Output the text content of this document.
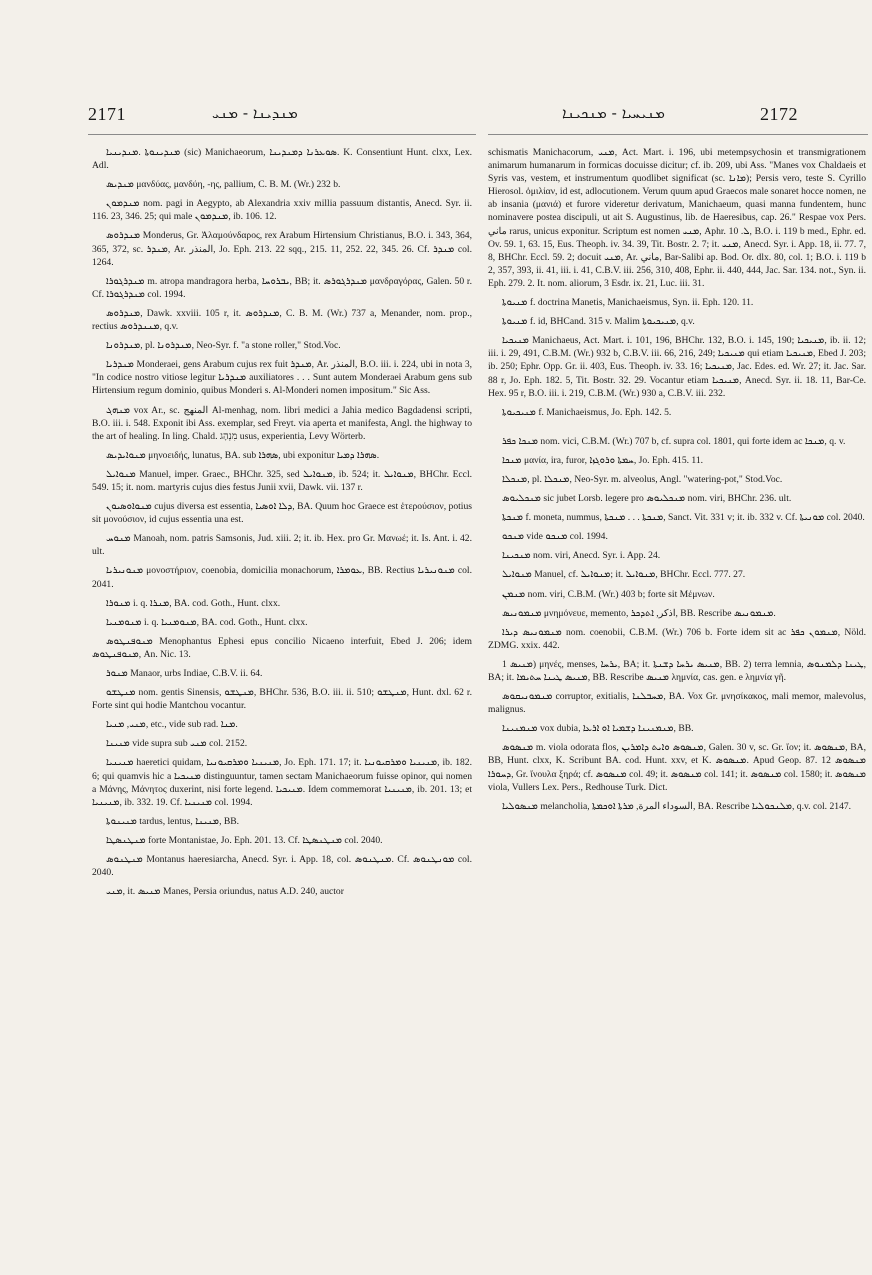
2171	ܡܢܕܝܢܐ - ܡܢܝ	ܡܢܝܚܝܐ - ܡܢܟܝܢܐ	2172

ܡܢܕܝܢܘܬܐ .ܡܢܕܝܢܝܐ (sic) Manichaeorum, ܣܘܥܪܢܐ ܕܡܢܕܝܢܐ. K. Consentiunt Hunt. clxx, Lex. Adl.

ܡܢܕܝܣ μανδύας, μανδύη, -ης, pallium, C. B. M. (Wr.) 232 b.

ܡܢܕܡܘܢ nom. pagi in Aegypto, ab Alexandria xxiv millia passuum distantis, Anecd. Syr. ii. 116. 23, 346. 25; qui male ܡܢܕܡܘܢ, ib. 106. 12.

ܡܢܕܪܘܣ Monderus, Gr. Ἀλαμούνδαρος, rex Arabum Hirtensium Christianus, B.O. i. 343, 364, 365, 372, sc. ܡܢܕܪ, Ar. المنذر, Jo. Eph. 213. 22 sqq., 215. 11, 252. 22, 345. 26. Cf. ܡܢܕܪ col. 1264.

ܡܢܕܪܓܘܪܐ m. atropa mandragora herba, ܝܒܪܘܚܐ, BB; it. ܡܢܕܪܓܘܪܣ μανδραγόρας, Galen. 50 r. Cf. ܡܢܕܪܓܘܪܐ col. 1994.

ܡܢܕܪܘܣ, Dawk. xxviii. 105 r, it. ܡܢܕܪܘܣ, C. B. M. (Wr.) 737 a, Menander, nom. prop., rectius ܡܢܢܕܪܘܣ, q.v.

ܡܢܕܪܘܢܐ, pl. ܡܢܕܪܘܢܐ, Neo-Syr. f. "a stone roller," Stod.Voc.

ܡܢܕܪܝܐ Monderaei, gens Arabum cujus rex fuit ܡܢܕܪ, Ar. المنذر, B.O. iii. i. 224, ubi in nota 3, "In codice nostro vitiose legitur ܡܢܕܪܝܐ auxiliatores . . . Sunt autem Monderaei Arabum gens sub Hirtensium regum dominio, quibus Monderi s. Al-Monderi nomen impositum." Sic Ass.

ܡܢܗܓ vox Ar., sc. المنهج Al-menhag, nom. libri medici a Jahia medico Bagdadensi scripti, B.O. iii. i. 548. Exponit ibi Ass. exemplar, sed Freyt. via aperta et manifesta, Angl. the highway to the art of healing. In ling. Chald. מִנְהָג usus, experientia, Levy Wörterb.

ܡܢܘܐܝܕܝܣ μηνοειδής, lunatus, BA. sub ܣܗܪܐ, ubi exponitur ܣܗܪܐ ܕܡܝܐ.

ܡܢܘܐܝܠ Manuel, imper. Graec., BHChr. 325, sed ܡܢܘܐܝܠ, ib. 524; it. ܡܢܘܐܝܠ, BHChr. Eccl. 549. 15; it. nom. martyris cujus dies festus Junii xvii, Dawk. vii. 137 r.

ܡܢܘܐܘܣܝܘܢ cujus diversa est essentia, ܕܠܐ ܐܘܣܝܐ, BA. Quum hoc Graece est ἑτερούσιον, potius sit μονούσιον, id cujus essentia una est.

ܡܢܘܚ Manoah, nom. patris Samsonis, Jud. xiii. 2; it. ib. Hex. pro Gr. Μανωέ; it. Is. Ant. i. 42. ult.

ܡܢܘܢܝܪܝܐ μονοστήριον, coenobia, domicilia monachorum, ܥܘܡܪܐ, BB. Rectius ܡܢܘܢܝܪܝܐ col. 2041.

ܡܢܘܪܐ i. q. ܡܢܪܐ, BA. cod. Goth., Hunt. clxx.

ܡܢܘܡܢܝܐ i. q. ܡܢܘܡܢܝܐ, BA. cod. Goth., Hunt. clxx.

ܡܢܘܦܢܛܘܣ Menophantus Ephesi epus concilio Nicaeno interfuit, Ebed J. 206; idem ܡܢܘܦܢܛܘܣ, An. Nic. 13.

ܡܢܘܪ Manaor, urbs Indiae, C.B.V. ii. 64.

ܡܢܛܫܘ nom. gentis Sinensis, ܡܢܛܫܘ, BHChr. 536, B.O. iii. ii. 510; ܡܢܛܫܘ, Hunt. dxl. 62 r. Forte sint qui hodie Mantchou vocantur.

ܡܢܝ, ܡܢܝܐ, etc., vide sub rad. ܡܢܐ.

ܡܢܝܢܐ vide supra sub ܡܢܝ col. 2152.

ܡܢܝܢܝܐ haeretici quidam, ܡܢܝܢܝܐ ܘܡܪܩܝܘܢܝܐ, Jo. Eph. 171. 17; it. ܡܢܝܢܝܐ ܘܡܪܩܝܘܢܝܐ, ib. 182. 6; qui quamvis hic a ܡܢܝܟܝܐ distinguuntur, tamen sectam Manichaeorum fuisse opinor, qui nomen a Μάνης, Μάνητος duxerint, nisi forte legend. ܡܢܝܟܝܐ. Idem commemorat ܡܢܝܢܝܐ, ib. 201. 13; et ܡܢܝܢܝܐ, ib. 332. 19. Cf. ܡܢܝܢܝܐ col. 1994.

ܡܢܝܢܘܬܐ tardus, lentus, ܡܢܝܢܐ, BB.

ܡܢܛܢܣܛܐ forte Montanistae, Jo. Eph. 201. 13. Cf. ܡܢܛܢܣܛܐ col. 2040.

ܡܢܛܢܘܣ Montanus haeresiarcha, Anecd. Syr. i. App. 18, col. ܡܢܛܢܘܣ. Cf. ܡܘܢܛܢܘܣ col. 2040.

ܡܢܝ, it. ܡܢܝܣ Manes, Persia oriundus, natus A.D. 240, auctor

schismatis Manichacorum, ܡܢܝ, Act. Mart. i. 196, ubi metempsychosin et transmigrationem animarum humanarum in formicas docuisse dicitur; cf. ib. 209, ubi Ass. "Manes vox Chaldaeis et Syris vas, vestem, et instrumentum quodlibet significat (sc. ܡܐܢܐ); Persis vero, teste S. Cyrillo Hierosol. ὁμιλίαν, id est, adlocutionem. Verum quum apud Graecos male sonaret hocce nomen, ne ab insania (μανιά) et furore videretur derivatum, Manichaeum, quasi manna fundentem, hunc nominavere postea discipuli, ut ait S. Augustinus, lib. de Haeresibus, cap. 26." Respae vox Pers. ماني rarus, unicus exponitur. Scriptum est nomen ܡܢܝ, Aphr. ܠ. 10, B.O. i. 119 b med., Ephr. ed. Ov. 59. 1, 63. 15, Eus. Theoph. iv. 34. 39, Tit. Bostr. 2. 7; it. ܡܢܝ, Anecd. Syr. i. App. 18, ii. 77. 7, 8, BHChr. Eccl. 59. 2; docuit ܡܢܝ, Ar. ماني, Bar-Salibi ap. Bod. Or. dlx. 80, col. 1; B.O. i. 119 b 2, 357, 393, ii. 41, iii. i. 41, C.B.V. iii. 256, 310, 408, Ephr. ii. 440, 444, Jac. Sar. 134. not., Syn. ii. Eph. 279. 2. It. nom. aliorum, 3 Esdr. ix. 21, Luc. iii. 31.

ܡܢܝܘܬܐ f. doctrina Manetis, Manichaeismus, Syn. ii. Eph. 120. 11.

ܡܢܝܘܬܐ f. id, BHCand. 315 v. Malim ܡܢܝܟܝܘܬܐ, q.v.

ܡܢܝܟܝܐ Manichaeus, Act. Mart. i. 101, 196, BHChr. 132, B.O. i. 145, 190; ܡܢܝܟܝܐ, ib. ii. 12; iii. i. 29, 491, C.B.M. (Wr.) 932 b, C.B.V. iii. 66, 216, 249; ܡܢܝܟܝܐ qui etiam ܡܢܝܟܝܐ, Ebed J. 203; ib. 250; Ephr. Opp. Gr. ii. 403, Eus. Theoph. iv. 33. 16; ܡܢܝܟܝܐ, Jac. Edes. ed. Wr. 27; it. Jac. Sar. 88 r, Jo. Eph. 182. 5, Tit. Bostr. 32. 29. Vocantur etiam ܡܢܝܟܝܐ, Anecd. Syr. ii. 18. 11, Bar-Ce. Hex. 95 r, B.O. iii. i. 219, C.B.M. (Wr.) 930 a, C.B.V. iii. 232.

ܡܢܝܟܝܘܬܐ f. Manichaeismus, Jo. Eph. 142. 5.

ܡܢܟܐ ܟܦܪ nom. vici, C.B.M. (Wr.) 707 b, cf. supra col. 1801, qui forte idem ac ܡܢܟܐ, q. v.

ܡܢܟܐ μανία, ira, furor, ܚܡܬܐ ܘܪܘܓܙܐ, Jo. Eph. 415. 11.

ܡܢܟܠܐ, pl. ܡܢܟܠܐ, Neo-Syr. m. alveolus, Angl. "watering-pot," Stod.Voc.

ܡܢܟܠܝܘܣ sic jubet Lorsb. legere pro ܡܢܟܠܝܘܣ nom. viri, BHChr. 236. ult.

ܡܢܟܬܐ f. moneta, nummus, ܡܢܟܬܐ . . . ܡܢܟܬܐ, Sanct. Vit. 331 v; it. ib. 332 v. Cf. ܡܘܢܝܬܐ col. 2040.

ܡܢܟܘ vide ܡܢܟܘ col. 1994.

ܡܢܟܝܢܐ nom. viri, Anecd. Syr. i. App. 24.

ܡܢܘܐܝܠ Manuel, cf. ܡܢܘܐܝܠ; it. ܡܢܘܐܝܠ, BHChr. Eccl. 777. 27.

ܡܢܡܢ nom. viri, C.B.M. (Wr.) 403 b; forte sit Μέμνων.

ܡܢܡܘܢܝܣ μνημόνευε, memento, اذكر, ܐܬܕܟܪ, BB. Rescribe ܡܢܡܘܢܝܣ.

ܡܢܡܘܢܝܣ ܕܝܪܐ nom. coenobii, C.B.M. (Wr.) 706 b. Forte idem sit ac ܡܢܡܘܢ ܟܦܪ, Nöld. ZDMG. xxix. 442.

ܡܢܝܣ 1) μηνές, menses, ܝܪܚܐ, BA; it. ܡܢܝܣ ܝܪܚܐ ܕܫܢܬܐ, BB. 2) terra lemnia, ܛܝܢܐ ܕܠܡܢܘܣ, BA; it. ܡܢܝܣ ܛܝܢܐ ܚܬܝܡܐ, BB. Rescribe ܡܢܝܣ λημνία, cas. gen. e λημνία γῆ.

ܡܢܡܘܢܝܩܘܣ corruptor, exitialis, ܡܚܒܠܢܐ, BA. Vox Gr. μνησίκακος, mali memor, malevolus, malignus.

ܡܢܡܢܝܢܐ vox dubia, ܡܢܡܢܝܢܐ ܕܫܡܝܐ ܐܘ ܐܪܥܐ, BB.

ܡܢܣܘܣ m. viola odorata flos, ܡܢܣܘܣ ܘܐܝܬ ܕܐܡܪܝܢ, Galen. 30 v, sc. Gr. ἴον; it. ܡܢܣܘܣ, BA, BB, Hunt. clxx, K. Scribunt BA. cod. Hunt. xxv, et K. ܡܢܣܘܣ. Apud Geop. 87. 12 ܡܢܣܘܣ ܕܚܘܪܐ, Gr. ἴνουλα ξηρά; cf. ܡܢܣܘܣ col. 49; it. ܡܢܣܘܣ col. 141; it. ܡܢܣܘܣ col. 1580; it. ܡܢܣܘܣ viola, Vullers Lex. Pers., Redhouse Turk. Dict.

ܡܢܣܘܠܝܐ melancholia, السوداء المرة, ܡܪܬܐ ܐܘܟܡܬܐ, BA. Rescribe ܡܠܢܟܘܠܝܐ, q.v. col. 2147.
